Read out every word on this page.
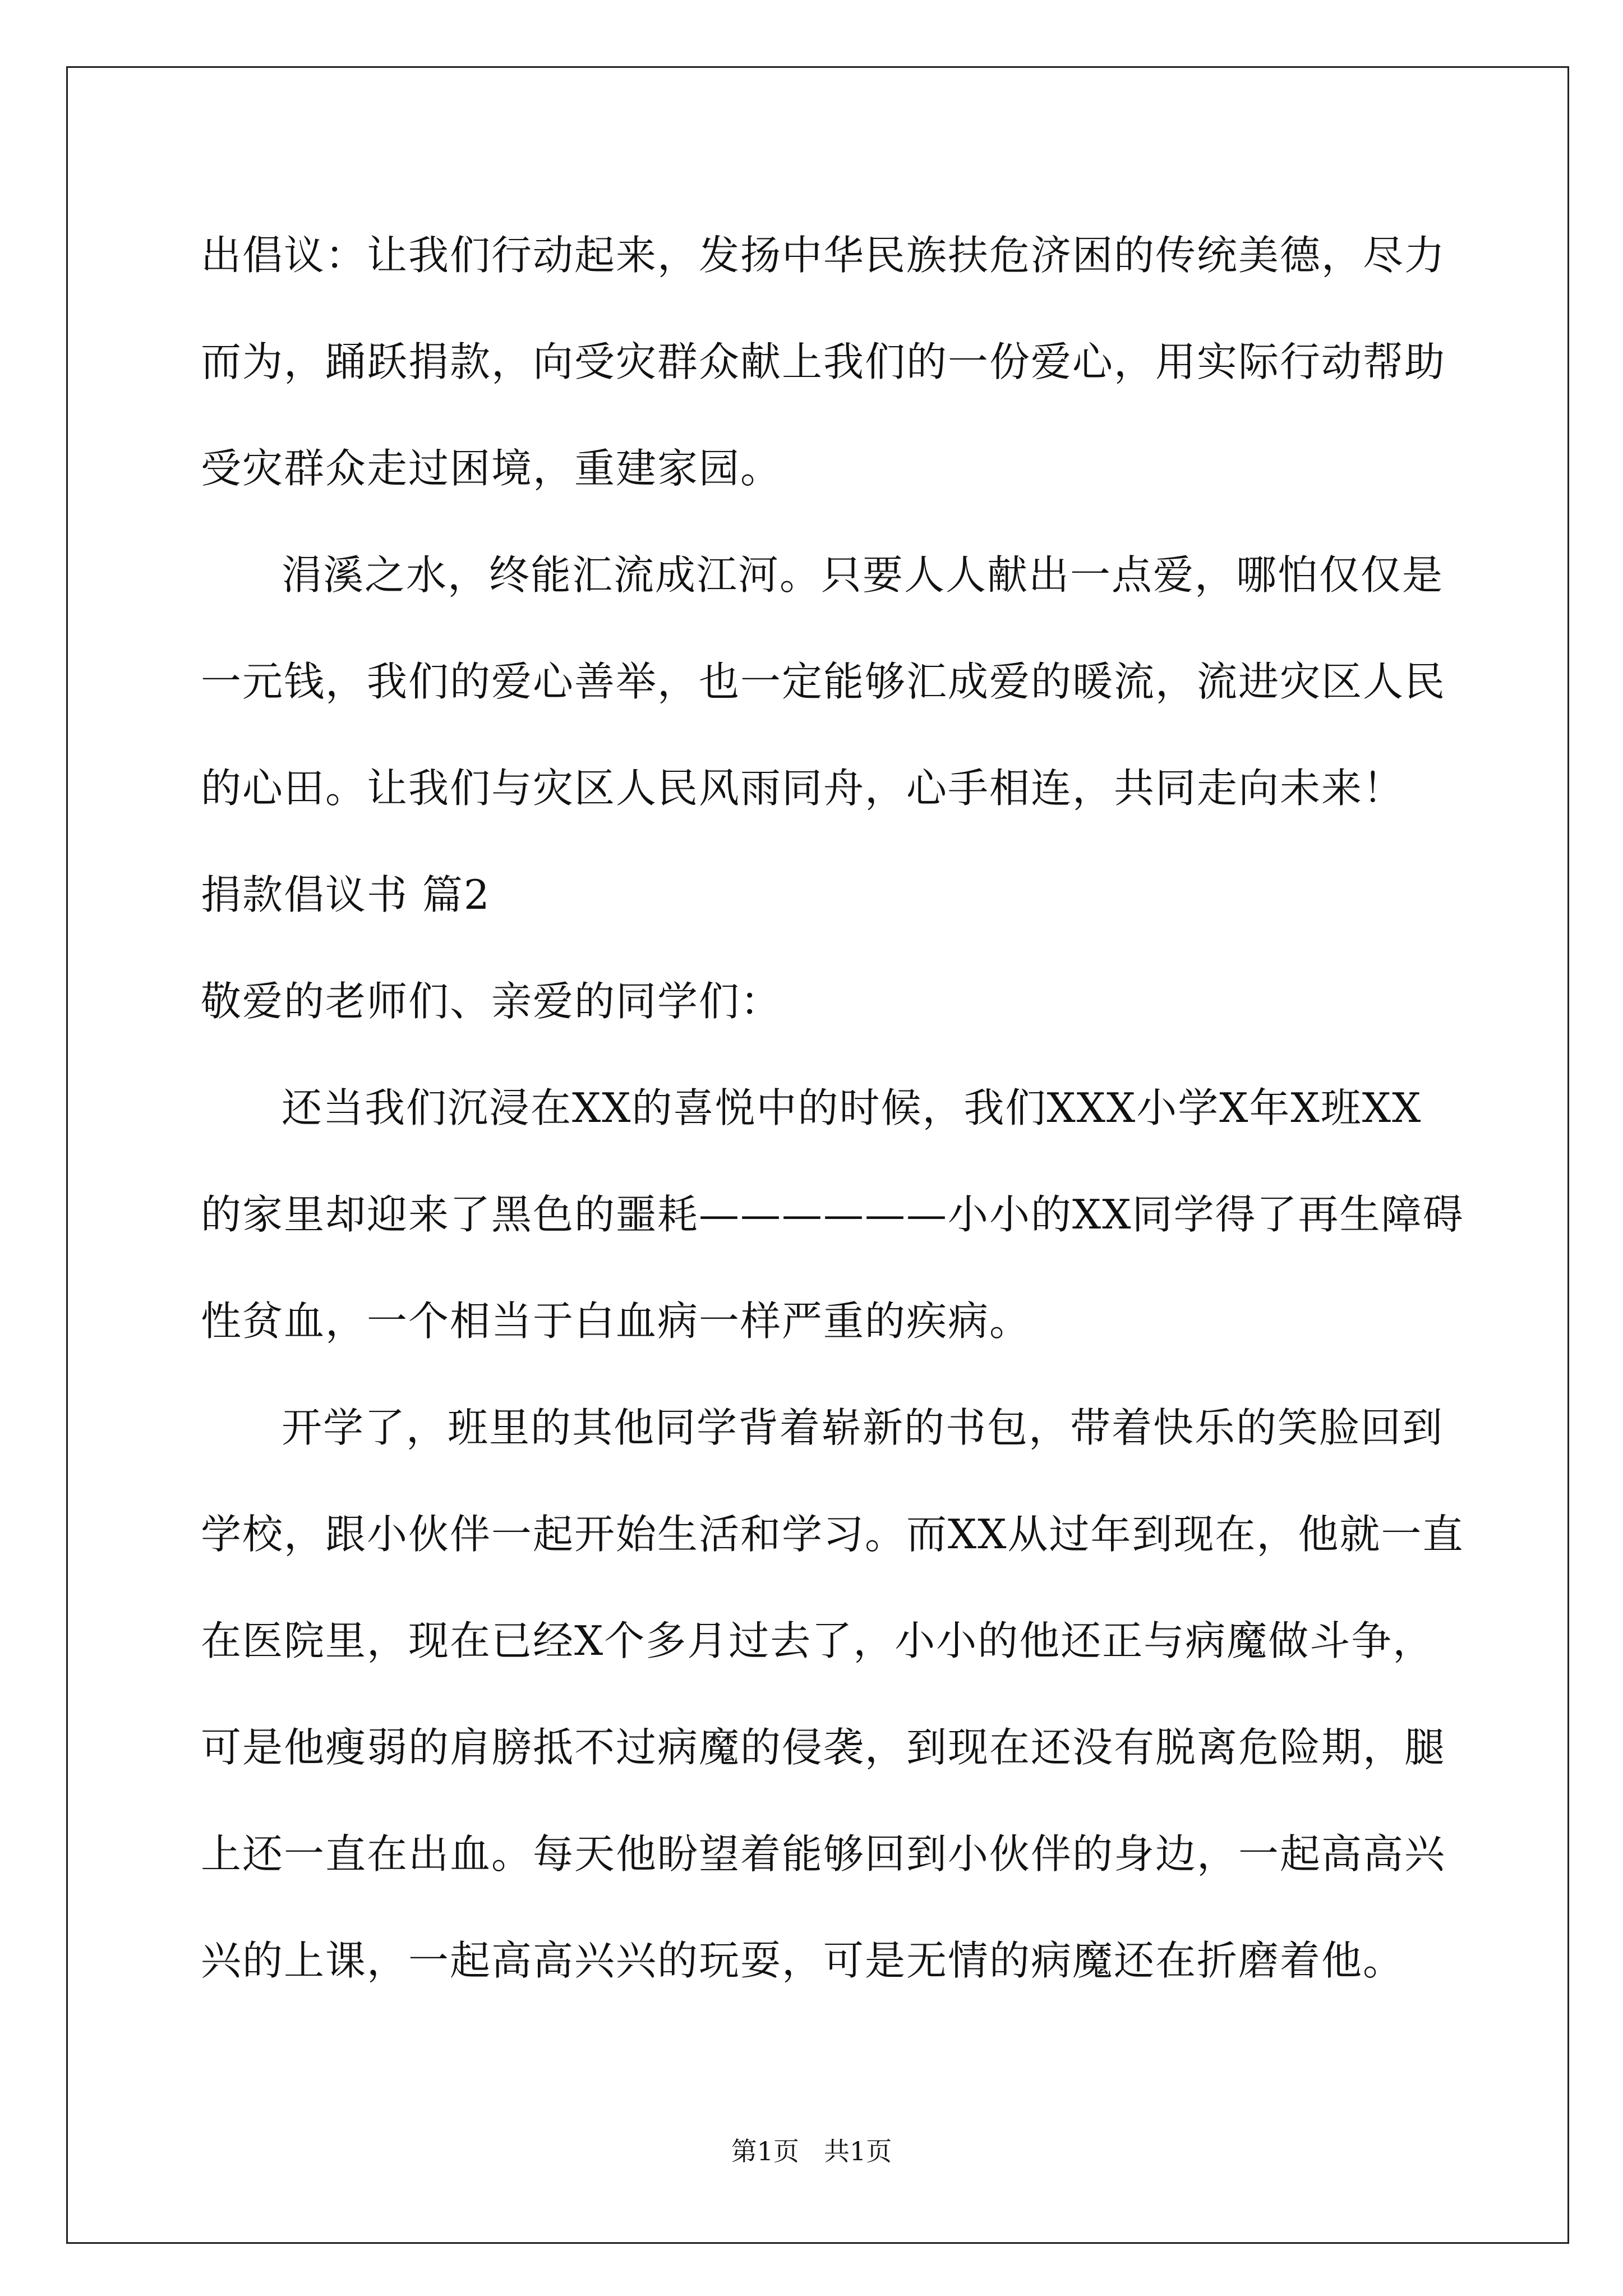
出倡议：让我们行动起来，发扬中华民族扶危济困的传统美德，尽力
而为，踊跃捐款，向受灾群众献上我们的一份爱心，用实际行动帮助
受灾群众走过困境，重建家园。
涓溪之水，终能汇流成江河。只要人人献出一点爱，哪怕仅仅是
一元钱，我们的爱心善举，也一定能够汇成爱的暖流，流进灾区人民
的心田。让我们与灾区人民风雨同舟，心手相连，共同走向未来！
捐款倡议书 篇2
敬爱的老师们、亲爱的同学们：
还当我们沉浸在XX的喜悦中的时候，我们XXX小学X年X班XX
的家里却迎来了黑色的噩耗——————小小的XX同学得了再生障碍
性贫血，一个相当于白血病一样严重的疾病。
开学了，班里的其他同学背着崭新的书包，带着快乐的笑脸回到
学校，跟小伙伴一起开始生活和学习。而XX从过年到现在，他就一直
在医院里，现在已经X个多月过去了，小小的他还正与病魔做斗争，
可是他瘦弱的肩膀抵不过病魔的侵袭，到现在还没有脱离危险期，腿
上还一直在出血。每天他盼望着能够回到小伙伴的身边，一起高高兴
兴的上课，一起高高兴兴的玩耍，可是无情的病魔还在折磨着他。
第1页 共1页
